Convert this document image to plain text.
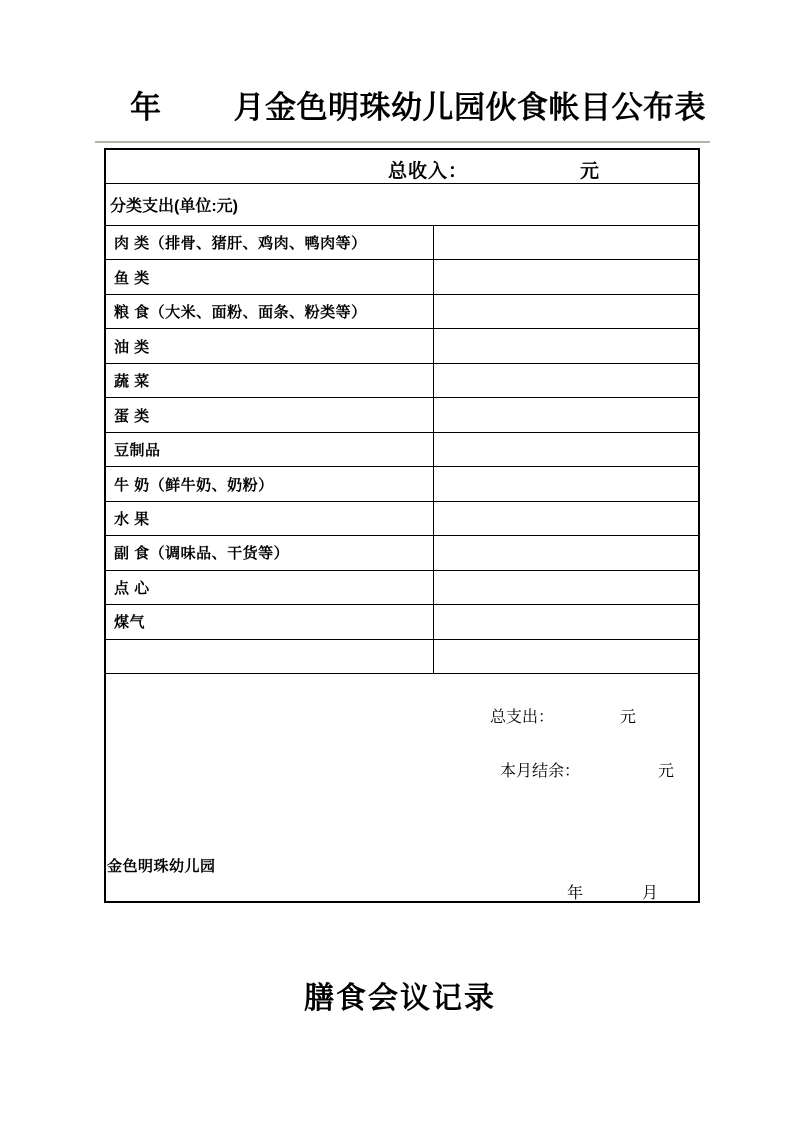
年 月金色明珠幼儿园伙食帐目公布表
总收入：	元
分类支出(单位:元)
肉 类（排骨、猪肝、鸡肉、鸭肉等）
鱼 类
粮 食（大米、面粉、面条、粉类等）
油 类
蔬 菜
蛋 类
豆制品
牛 奶（鲜牛奶、奶粉）
水 果
副 食（调味品、干货等）
点 心
煤气
总支出：	元
本月结余：	元
金色明珠幼儿园
年	月
膳食会议记录
